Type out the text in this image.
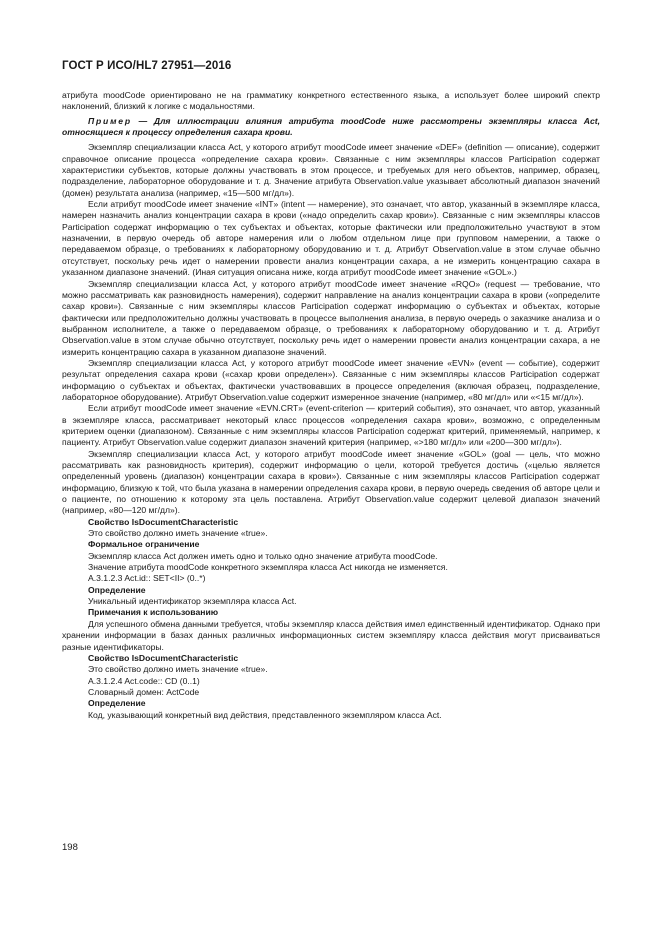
ГОСТ Р ИСО/HL7 27951—2016

атрибута moodCode ориентировано не на грамматику конкретного естественного языка, а использует более широкий спектр наклонений, близкий к логике с модальностями.

Пример — Для иллюстрации влияния атрибута moodCode ниже рассмотрены экземпляры класса Act, относящиеся к процессу определения сахара крови.

Экземпляр специализации класса Act, у которого атрибут moodCode имеет значение «DEF» (definition — описание), содержит справочное описание процесса «определение сахара крови». Связанные с ним экземпляры классов Participation содержат характеристики субъектов, которые должны участвовать в этом процессе, и требуемых для него объектов, например, образец, подразделение, лабораторное оборудование и т. д. Значение атрибута Observation.value указывает абсолютный диапазон значений (домен) результата анализа (например, «15—500 мг/дл»).

Если атрибут moodCode имеет значение «INT» (intent — намерение), это означает, что автор, указанный в экземпляре класса, намерен назначить анализ концентрации сахара в крови («надо определить сахар крови»). Связанные с ним экземпляры классов Participation содержат информацию о тех субъектах и объектах, которые фактически или предположительно участвуют в этом назначении, в первую очередь об авторе намерения или о любом отдельном лице при групповом намерении, а также о передаваемом образце, о требованиях к лабораторному оборудованию и т. д. Атрибут Observation.value в этом случае обычно отсутствует, поскольку речь идет о намерении провести анализ концентрации сахара, а не измерить концентрацию сахара в указанном диапазоне значений. (Иная ситуация описана ниже, когда атрибут moodCode имеет значение «GOL».)

Экземпляр специализации класса Act, у которого атрибут moodCode имеет значение «RQO» (request — требование, что можно рассматривать как разновидность намерения), содержит направление на анализ концентрации сахара в крови («определите сахар крови»). Связанные с ним экземпляры классов Participation содержат информацию о субъектах и объектах, которые фактически или предположительно должны участвовать в процессе выполнения анализа, в первую очередь о заказчике анализа и о выбранном исполнителе, а также о передаваемом образце, о требованиях к лабораторному оборудованию и т. д. Атрибут Observation.value в этом случае обычно отсутствует, поскольку речь идет о намерении провести анализ концентрации сахара, а не измерить концентрацию сахара в указанном диапазоне значений.

Экземпляр специализации класса Act, у которого атрибут moodCode имеет значение «EVN» (event — событие), содержит результат определения сахара крови («сахар крови определен»). Связанные с ним экземпляры классов Participation содержат информацию о субъектах и объектах, фактически участвовавших в процессе определения (включая образец, подразделение, лабораторное оборудование). Атрибут Observation.value содержит измеренное значение (например, «80 мг/дл» или «<15 мг/дл»).

Если атрибут moodCode имеет значение «EVN.CRT» (event-criterion — критерий события), это означает, что автор, указанный в экземпляре класса, рассматривает некоторый класс процессов «определения сахара крови», возможно, с определенным критерием оценки (диапазоном). Связанные с ним экземпляры классов Participation содержат критерий, применяемый, например, к пациенту. Атрибут Observation.value содержит диапазон значений критерия (например, «>180 мг/дл» или «200—300 мг/дл»).

Экземпляр специализации класса Act, у которого атрибут moodCode имеет значение «GOL» (goal — цель, что можно рассматривать как разновидность критерия), содержит информацию о цели, которой требуется достичь («целью является определенный уровень (диапазон) концентрации сахара в крови»). Связанные с ним экземпляры классов Participation содержат информацию, близкую к той, что была указана в намерении определения сахара крови, в первую очередь сведения об авторе цели и о пациенте, по отношению к которому эта цель поставлена. Атрибут Observation.value содержит целевой диапазон значений (например, «80—120 мг/дл»).

Свойство IsDocumentCharacteristic

Это свойство должно иметь значение «true».

Формальное ограничение

Экземпляр класса Act должен иметь одно и только одно значение атрибута moodCode.

Значение атрибута moodCode конкретного экземпляра класса Act никогда не изменяется.

A.3.1.2.3 Act.id:: SET<II> (0..*)

Определение

Уникальный идентификатор экземпляра класса Act.

Примечания к использованию

Для успешного обмена данными требуется, чтобы экземпляр класса действия имел единственный идентификатор. Однако при хранении информации в базах данных различных информационных систем экземпляру класса действия могут присваиваться разные идентификаторы.

Свойство IsDocumentCharacteristic

Это свойство должно иметь значение «true».

A.3.1.2.4 Act.code:: CD (0..1)

Словарный домен: ActCode

Определение

Код, указывающий конкретный вид действия, представленного экземпляром класса Act.

198
